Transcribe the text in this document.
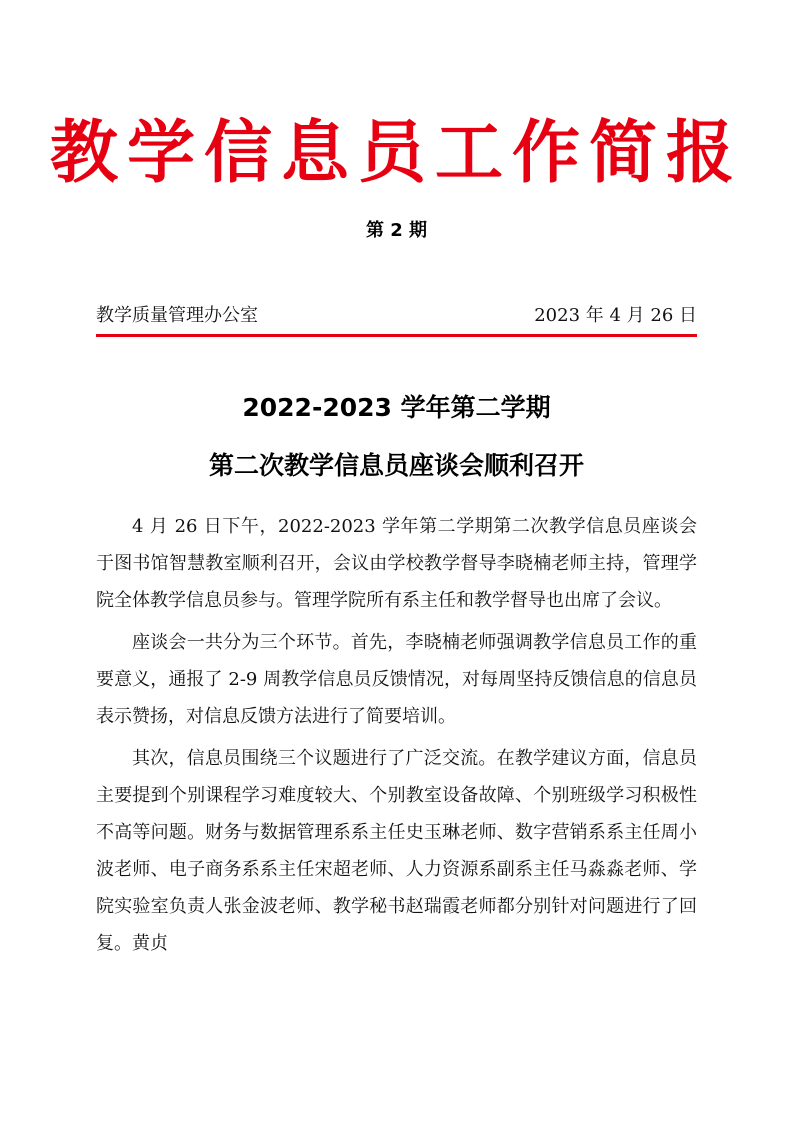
教学信息员工作简报
第 2 期
教学质量管理办公室	2023 年 4 月 26 日
2022-2023 学年第二学期
第二次教学信息员座谈会顺利召开

4 月 26 日下午，2022-2023 学年第二学期第二次教学信息员座谈会于图书馆智慧教室顺利召开，会议由学校教学督导李晓楠老师主持，管理学院全体教学信息员参与。管理学院所有系主任和教学督导也出席了会议。

座谈会一共分为三个环节。首先，李晓楠老师强调教学信息员工作的重要意义，通报了 2-9 周教学信息员反馈情况，对每周坚持反馈信息的信息员表示赞扬，对信息反馈方法进行了简要培训。

其次，信息员围绕三个议题进行了广泛交流。在教学建议方面，信息员主要提到个别课程学习难度较大、个别教室设备故障、个别班级学习积极性不高等问题。财务与数据管理系系主任史玉琳老师、数字营销系系主任周小波老师、电子商务系系主任宋超老师、人力资源系副系主任马淼淼老师、学院实验室负责人张金波老师、教学秘书赵瑞霞老师都分别针对问题进行了回复。黄贞
